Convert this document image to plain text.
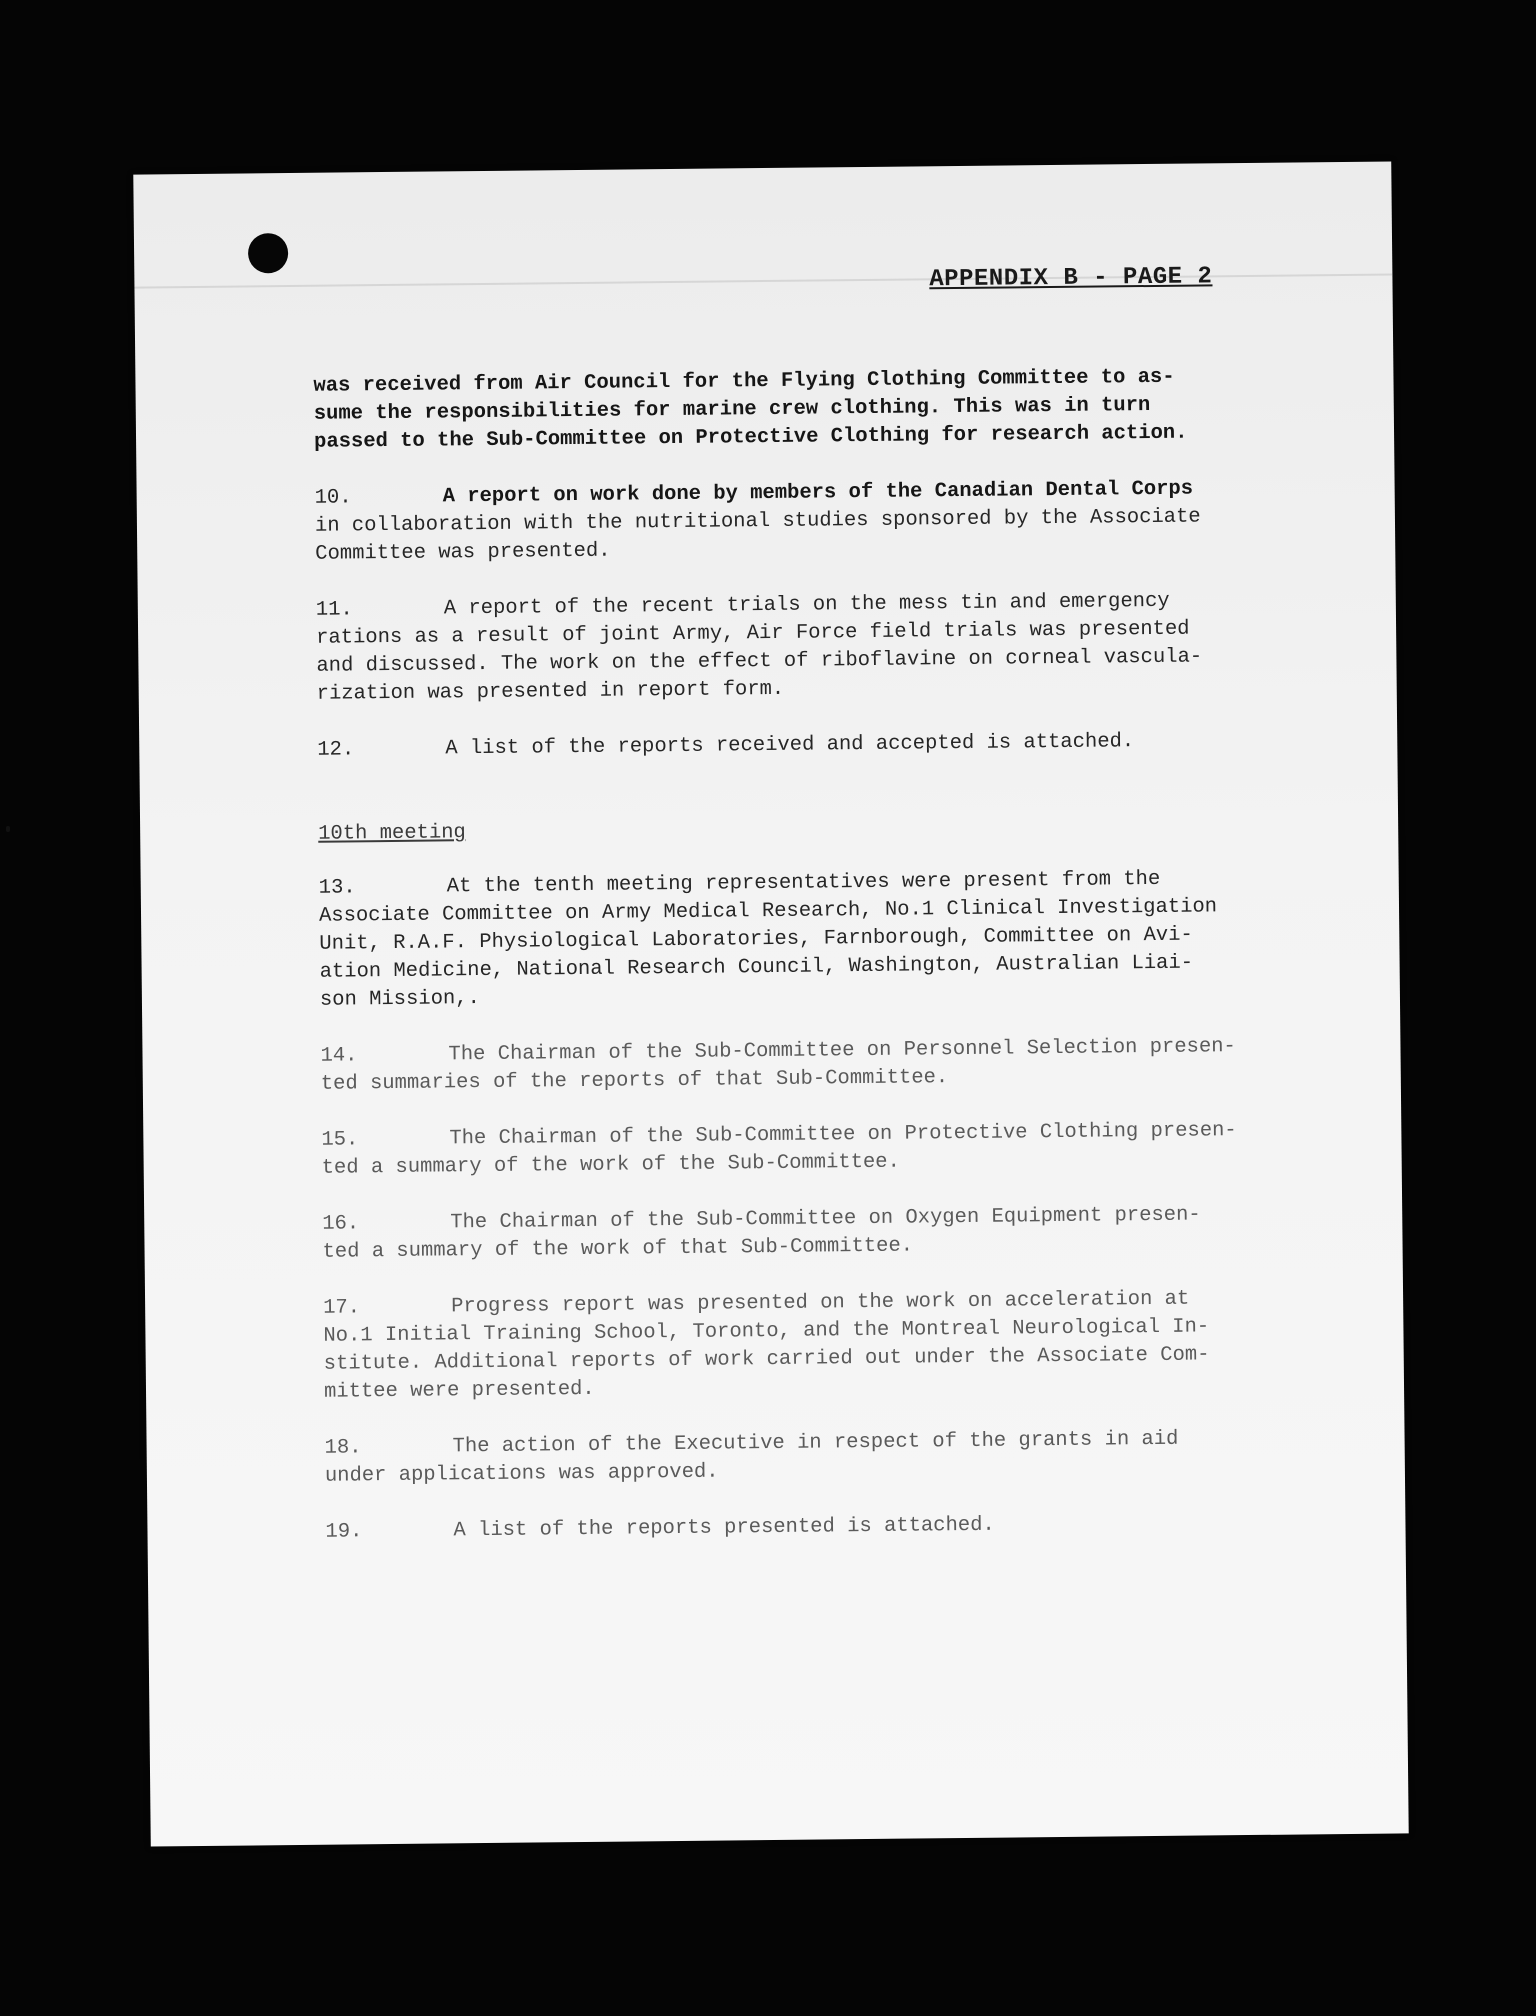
APPENDIX B - PAGE 2
was received from Air Council for the Flying Clothing Committee to as-
sume the responsibilities for marine crew clothing. This was in turn
passed to the Sub-Committee on Protective Clothing for research action.
10.	A report on work done by members of the Canadian Dental Corps
in collaboration with the nutritional studies sponsored by the Associate
Committee was presented.
11.	A report of the recent trials on the mess tin and emergency
rations as a result of joint Army, Air Force field trials was presented
and discussed. The work on the effect of riboflavine on corneal vascula-
rization was presented in report form.
12.	A list of the reports received and accepted is attached.
10th meeting
13.	At the tenth meeting representatives were present from the
Associate Committee on Army Medical Research, No.1 Clinical Investigation
Unit, R.A.F. Physiological Laboratories, Farnborough, Committee on Avi-
ation Medicine, National Research Council, Washington, Australian Liai-
son Mission,.
14.	The Chairman of the Sub-Committee on Personnel Selection presen-
ted summaries of the reports of that Sub-Committee.
15.	The Chairman of the Sub-Committee on Protective Clothing presen-
ted a summary of the work of the Sub-Committee.
16.	The Chairman of the Sub-Committee on Oxygen Equipment presen-
ted a summary of the work of that Sub-Committee.
17.	Progress report was presented on the work on acceleration at
No.1 Initial Training School, Toronto, and the Montreal Neurological In-
stitute. Additional reports of work carried out under the Associate Com-
mittee were presented.
18.	The action of the Executive in respect of the grants in aid
under applications was approved.
19.	A list of the reports presented is attached.
